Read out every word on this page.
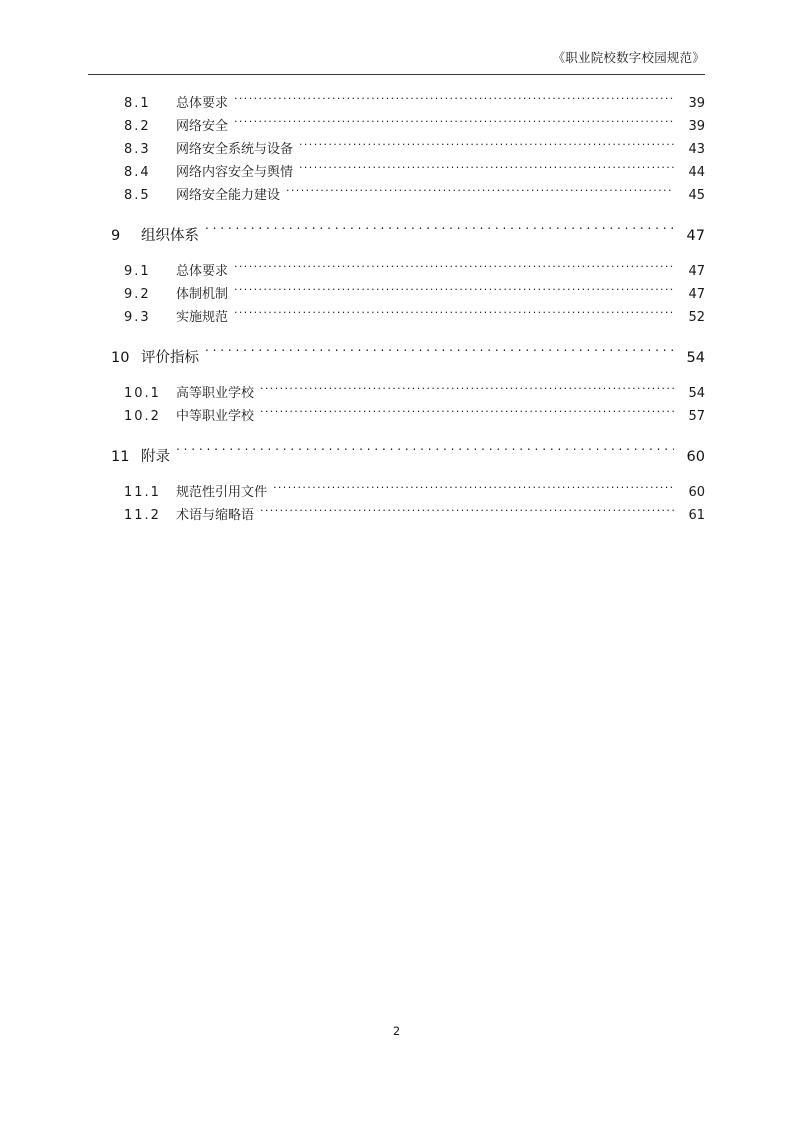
《职业院校数字校园规范》
8.1	总体要求 .....	39
8.2	网络安全 .....	39
8.3	网络安全系统与设备 .....	43
8.4	网络内容安全与舆情 .....	44
8.5	网络安全能力建设 .....	45
9	组织体系 . . .	47
9.1	总体要求 .....	47
9.2	体制机制 .....	47
9.3	实施规范 .....	52
10 评价指标 . . .	54
10.1	高等职业学校 .....	54
10.2	中等职业学校 .....	57
11 附录 . . .	60
11.1	规范性引用文件 .....	60
11.2	术语与缩略语 .....	61
2
